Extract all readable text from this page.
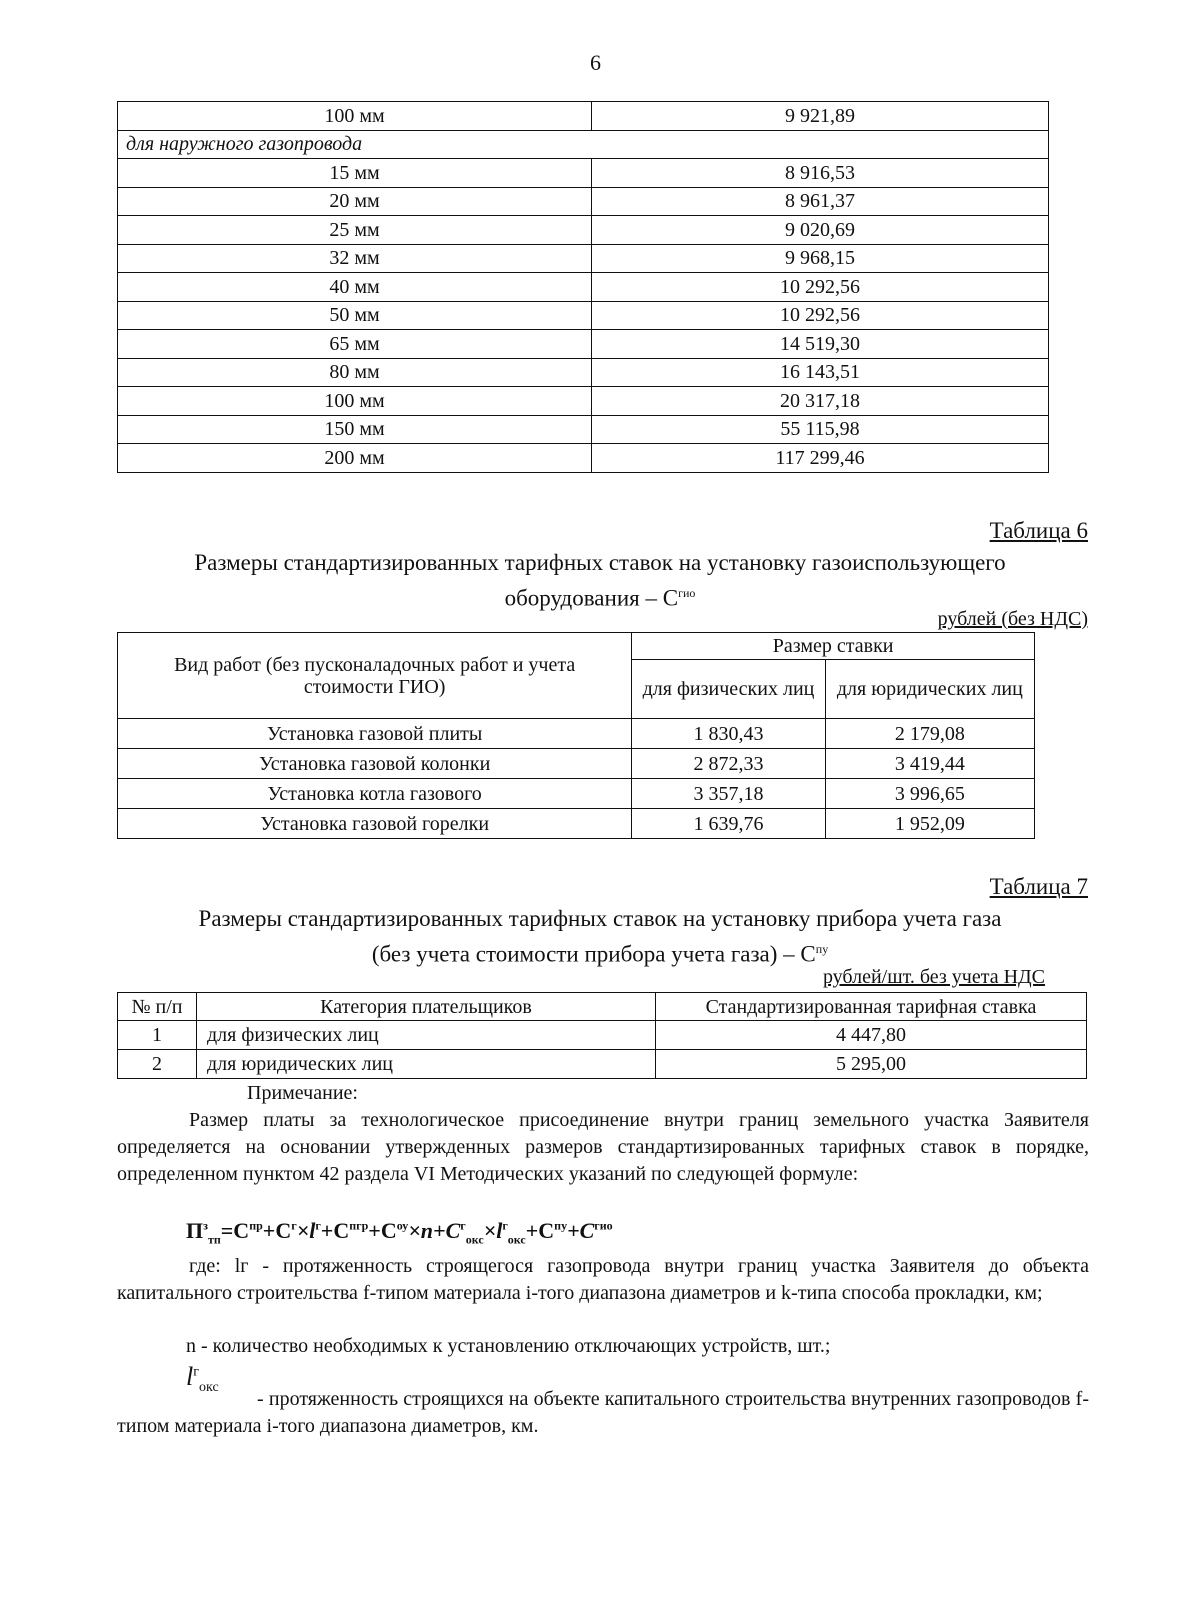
6
100 мм	9 921,89
для наружного газопровода	
15 мм	8 916,53
20 мм	8 961,37
25 мм	9 020,69
32 мм	9 968,15
40 мм	10 292,56
50 мм	10 292,56
65 мм	14 519,30
80 мм	16 143,51
100 мм	20 317,18
150 мм	55 115,98
200 мм	117 299,46
Таблица 6
Размеры стандартизированных тарифных ставок на установку газоиспользующего
оборудования – $С^{гио}$
рублей (без НДС)
Вид работ (без пусконаладочных работ и учета стоимости ГИО)	Размер ставки	
	для физических лиц	для юридических лиц
Установка газовой плиты	1 830,43	2 179,08
Установка газовой колонки	2 872,33	3 419,44
Установка котла газового	3 357,18	3 996,65
Установка газовой горелки	1 639,76	1 952,09
Таблица 7
Размеры стандартизированных тарифных ставок на установку прибора учета газа
(без учета стоимости прибора учета газа) – $С^{пу}$
рублей/шт. без учета НДС
№ п/п	Категория плательщиков	Стандартизированная тарифная ставка
1	для физических лиц	4 447,80
2	для юридических лиц	5 295,00
Примечание:
Размер платы за технологическое присоединение внутри границ земельного участка Заявителя определяется на основании утвержденных размеров стандартизированных тарифных ставок в порядке, определенном пунктом 42 раздела VI Методических указаний по следующей формуле:
$П^з_{тп}=С^{пр}+С^г\times l^г+С^{пгр}+С^{оу}\times n+С^г_{окс}\times l^г_{окс}+С^{пу}+С^{гио}$
где: lг - протяженность строящегося газопровода внутри границ участка Заявителя до объекта капитального строительства f-типом материала i-того диапазона диаметров и k-типа способа прокладки, км;
n - количество необходимых к установлению отключающих устройств, шт.;
$l^г_{окс}$
- протяженность строящихся на объекте капитального строительства внутренних газопроводов f-типом материала i-того диапазона диаметров, км.
